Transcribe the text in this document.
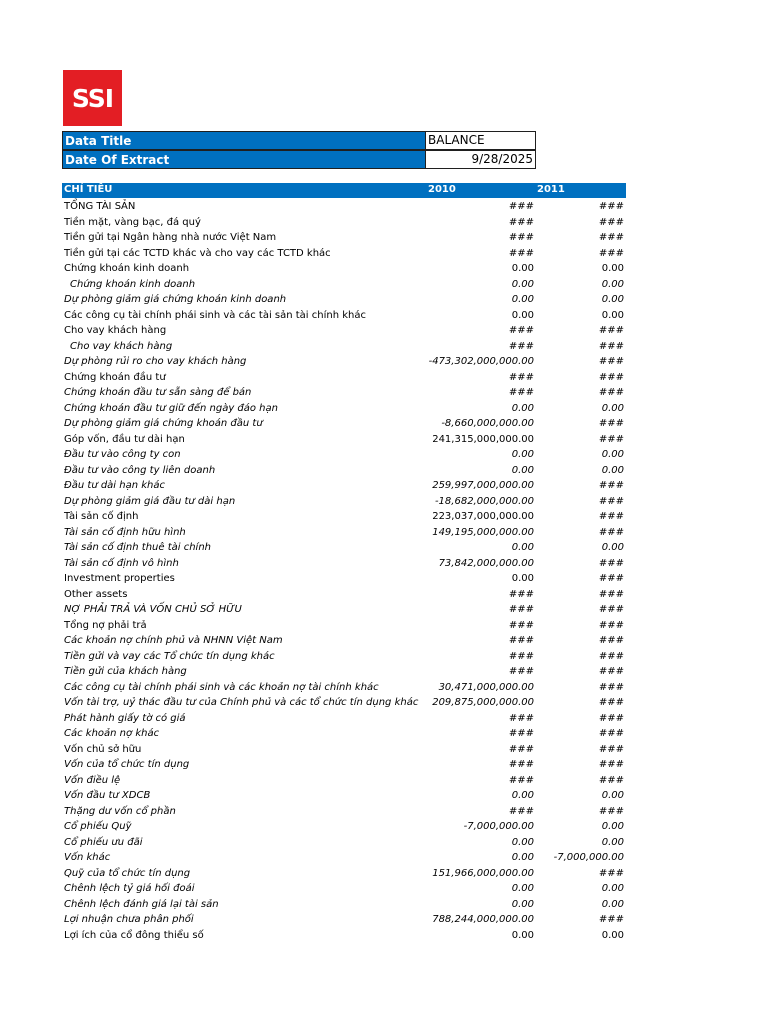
SSI
Data Title	BALANCE
Date Of Extract	9/28/2025
CHỈ TIÊU	2010	2011
TỔNG TÀI SẢN	###	###
Tiền mặt, vàng bạc, đá quý	###	###
Tiền gửi tại Ngân hàng nhà nước Việt Nam	###	###
Tiền gửi tại các TCTD khác và cho vay các TCTD khác	###	###
Chứng khoán kinh doanh	0.00	0.00
Chứng khoán kinh doanh	0.00	0.00
Dự phòng giảm giá chứng khoán kinh doanh	0.00	0.00
Các công cụ tài chính phái sinh và các tài sản tài chính khác	0.00	0.00
Cho vay khách hàng	###	###
Cho vay khách hàng	###	###
Dự phòng rủi ro cho vay khách hàng	-473,302,000,000.00	###
Chứng khoán đầu tư	###	###
Chứng khoán đầu tư sẵn sàng để bán	###	###
Chứng khoán đầu tư giữ đến ngày đáo hạn	0.00	0.00
Dự phòng giảm giá chứng khoán đầu tư	-8,660,000,000.00	###
Góp vốn, đầu tư dài hạn	241,315,000,000.00	###
Đầu tư vào công ty con	0.00	0.00
Đầu tư vào công ty liên doanh	0.00	0.00
Đầu tư dài hạn khác	259,997,000,000.00	###
Dự phòng giảm giá đầu tư dài hạn	-18,682,000,000.00	###
Tài sản cố định	223,037,000,000.00	###
Tài sản cố định hữu hình	149,195,000,000.00	###
Tài sản cố định thuê tài chính	0.00	0.00
Tài sản cố định vô hình	73,842,000,000.00	###
Investment properties	0.00	###
Other assets	###	###
NỢ PHẢI TRẢ VÀ VỐN CHỦ SỞ HỮU	###	###
Tổng nợ phải trả	###	###
Các khoản nợ chính phủ và NHNN Việt Nam	###	###
Tiền gửi và vay các Tổ chức tín dụng khác	###	###
Tiền gửi của khách hàng	###	###
Các công cụ tài chính phái sinh và các khoản nợ tài chính khác	30,471,000,000.00	###
Vốn tài trợ, uỷ thác đầu tư của Chính phủ và các tổ chức tín dụng khác 209,875,000,000.00	###
Phát hành giấy tờ có giá	###	###
Các khoản nợ khác	###	###
Vốn chủ sở hữu	###	###
Vốn của tổ chức tín dụng	###	###
Vốn điều lệ	###	###
Vốn đầu tư XDCB	0.00	0.00
Thặng dư vốn cổ phần	###	###
Cổ phiếu Quỹ	-7,000,000.00	0.00
Cổ phiếu ưu đãi	0.00	0.00
Vốn khác	0.00 -7,000,000.00
Quỹ của tổ chức tín dụng	151,966,000,000.00	###
Chênh lệch tỷ giá hối đoái	0.00	0.00
Chênh lệch đánh giá lại tài sản	0.00	0.00
Lợi nhuận chưa phân phối	788,244,000,000.00	###
Lợi ích của cổ đông thiểu số	0.00	0.00
